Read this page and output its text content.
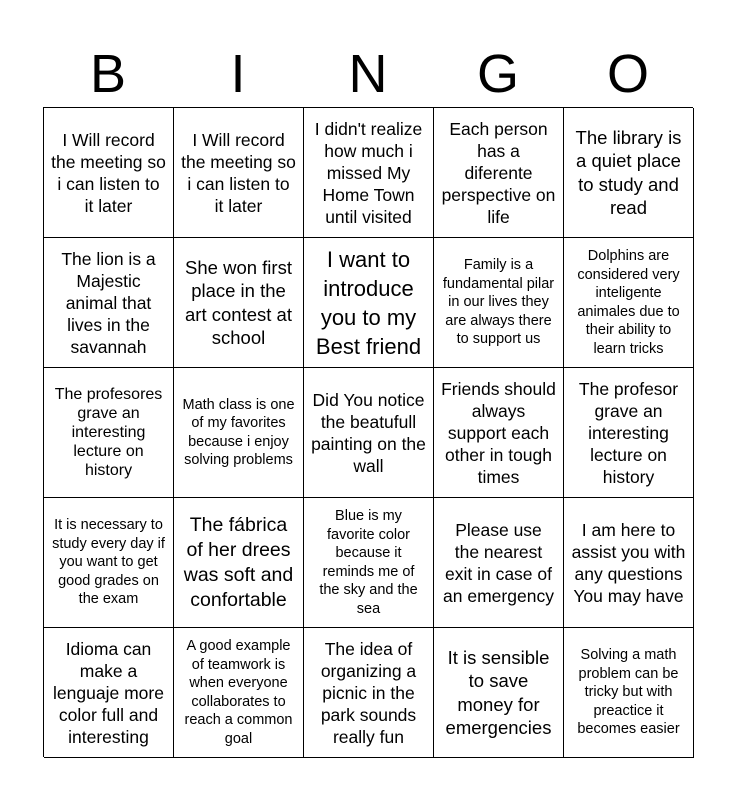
B	I	N	G	O
I Will record the meeting so i can listen to it later
I Will record the meeting so i can listen to it later
I didn't realize how much i missed My Home Town until visited
Each person has a diferente perspective on life
The library is a quiet place to study and read
The lion is a Majestic animal that lives in the savannah
She won first place in the art contest at school
I want to introduce you to my Best friend
Family is a fundamental pilar in our lives they are always there to support us
Dolphins are considered very inteligente animales due to their ability to learn tricks
The profesores grave an interesting lecture on history
Math class is one of my favorites because i enjoy solving problems
Did You notice the beatufull painting on the wall
Friends should always support each other in tough times
The profesor grave an interesting lecture on history
It is necessary to study every day if you want to get good grades on the exam
The fábrica of her drees was soft and confortable
Blue is my favorite color because it reminds me of the sky and the sea
Please use the nearest exit in case of an emergency
I am here to assist you with any questions You may have
Idioma can make a lenguaje more color full and interesting
A good example of teamwork is when everyone collaborates to reach a common goal
The idea of organizing a picnic in the park sounds really fun
It is sensible to save money for emergencies
Solving a math problem can be tricky but with preactice it becomes easier
